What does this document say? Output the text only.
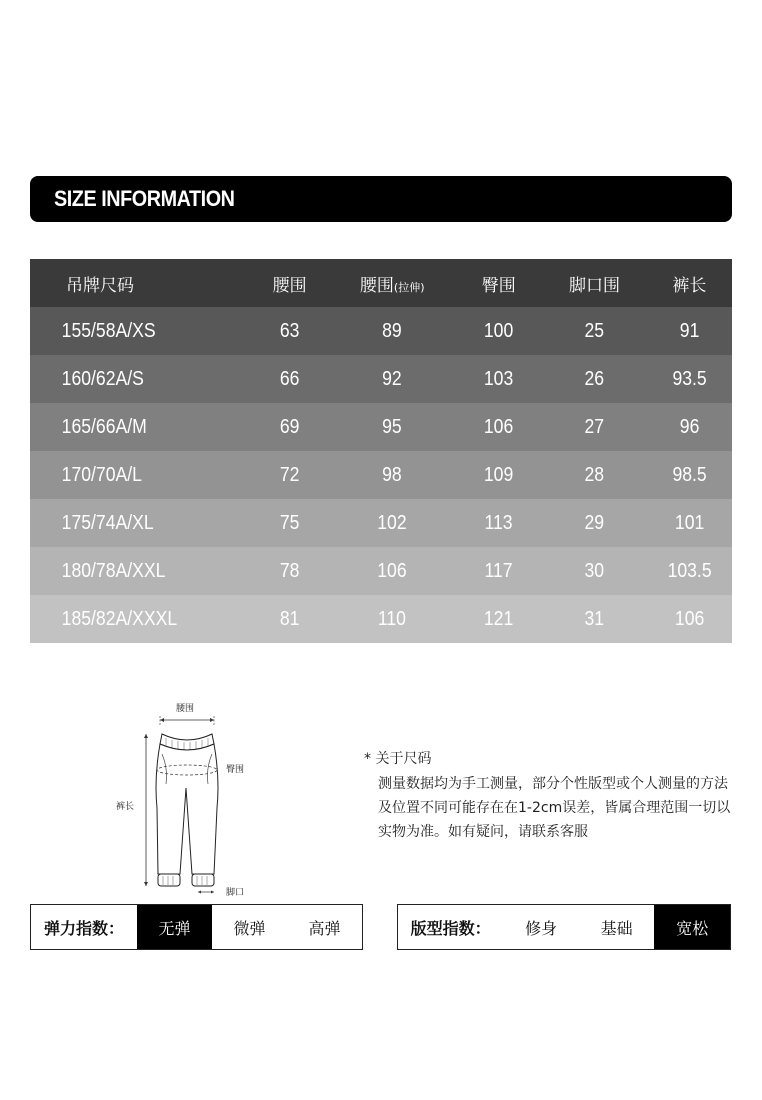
SIZE INFORMATION
吊牌尺码	腰围	腰围(拉伸)	臀围	脚口围	裤长
155/58A/XS	63	89	100	25	91
160/62A/S	66	92	103	26	93.5
165/66A/M	69	95	106	27	96
170/70A/L	72	98	109	28	98.5
175/74A/XL	75	102	113	29	101
180/78A/XXL	78	106	117	30	103.5
185/82A/XXXL	81	110	121	31	106
腰围
臀围
裤长
脚口
* 关于尺码
测量数据均为手工测量，部分个性版型或个人测量的方法及位置不同可能存在在1-2cm误差，皆属合理范围一切以实物为准。如有疑问，请联系客服
弹力指数：	无弹	微弹	高弹	版型指数：	修身	基础	宽松
